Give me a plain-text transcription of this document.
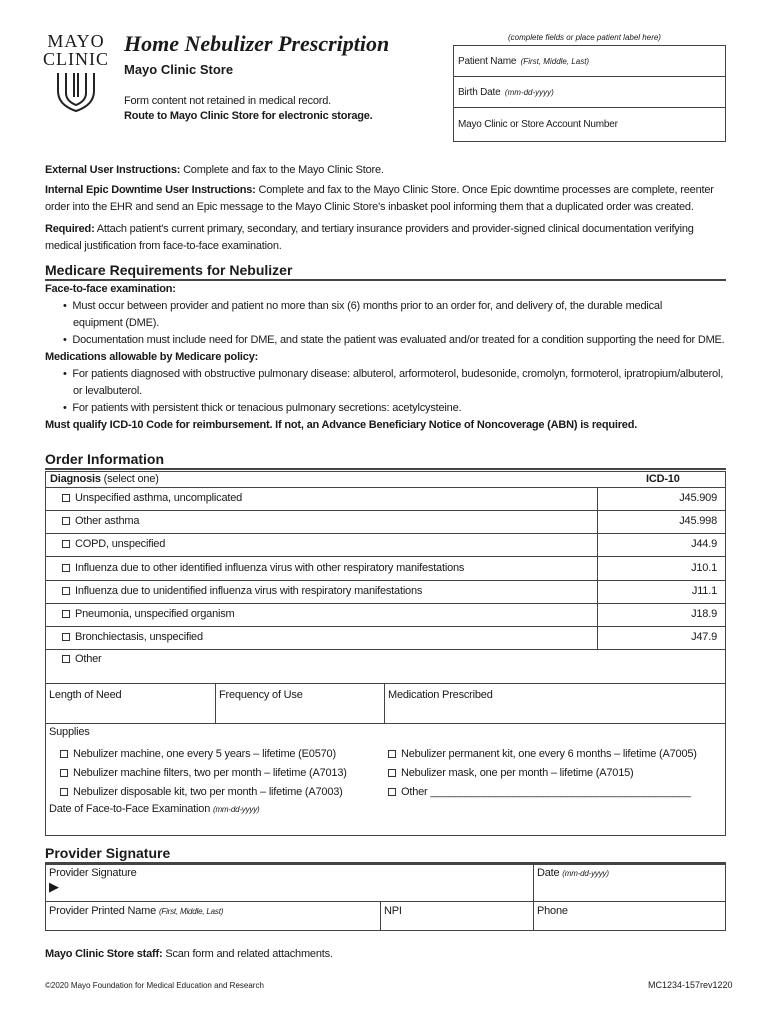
MAYO
CLINIC
Home Nebulizer Prescription
Mayo Clinic Store
Form content not retained in medical record.
Route to Mayo Clinic Store for electronic storage.
(complete fields or place patient label here)
Patient Name (First, Middle, Last)
Birth Date (mm-dd-yyyy)
Mayo Clinic or Store Account Number
External User Instructions: Complete and fax to the Mayo Clinic Store.
Internal Epic Downtime User Instructions: Complete and fax to the Mayo Clinic Store. Once Epic downtime processes are complete, reenter
order into the EHR and send an Epic message to the Mayo Clinic Store's inbasket pool informing them that a duplicated order was created.
Required: Attach patient's current primary, secondary, and tertiary insurance providers and provider-signed clinical documentation verifying
medical justification from face-to-face examination.
Medicare Requirements for Nebulizer
Face-to-face examination:
•  Must occur between provider and patient no more than six (6) months prior to an order for, and delivery of, the durable medical
equipment (DME).
•  Documentation must include need for DME, and state the patient was evaluated and/or treated for a condition supporting the need for DME.
Medications allowable by Medicare policy:
•  For patients diagnosed with obstructive pulmonary disease: albuterol, arformoterol, budesonide, cromolyn, formoterol, ipratropium/albuterol,
or levalbuterol.
•  For patients with persistent thick or tenacious pulmonary secretions: acetylcysteine.
Must qualify ICD-10 Code for reimbursement. If not, an Advance Beneficiary Notice of Noncoverage (ABN) is required.
Order Information
Diagnosis (select one)	ICD-10
Unspecified asthma, uncomplicated	J45.909
Other asthma	J45.998
COPD, unspecified	J44.9
Influenza due to other identified influenza virus with other respiratory manifestations	J10.1
Influenza due to unidentified influenza virus with respiratory manifestations	J11.1
Pneumonia, unspecified organism	J18.9
Bronchiectasis, unspecified	J47.9
Other
Length of Need	Frequency of Use	Medication Prescribed
Supplies
Nebulizer machine, one every 5 years – lifetime (E0570)
Nebulizer machine filters, two per month – lifetime (A7013)
Nebulizer disposable kit, two per month – lifetime (A7003)
Nebulizer permanent kit, one every 6 months – lifetime (A7005)
Nebulizer mask, one per month – lifetime (A7015)
Other ____________________________________________
Date of Face-to-Face Examination (mm-dd-yyyy)
Provider Signature
Provider Signature
▶
Date (mm-dd-yyyy)
Provider Printed Name (First, Middle, Last)	NPI	Phone
Mayo Clinic Store staff: Scan form and related attachments.
©2020 Mayo Foundation for Medical Education and Research	MC1234-157rev1220
